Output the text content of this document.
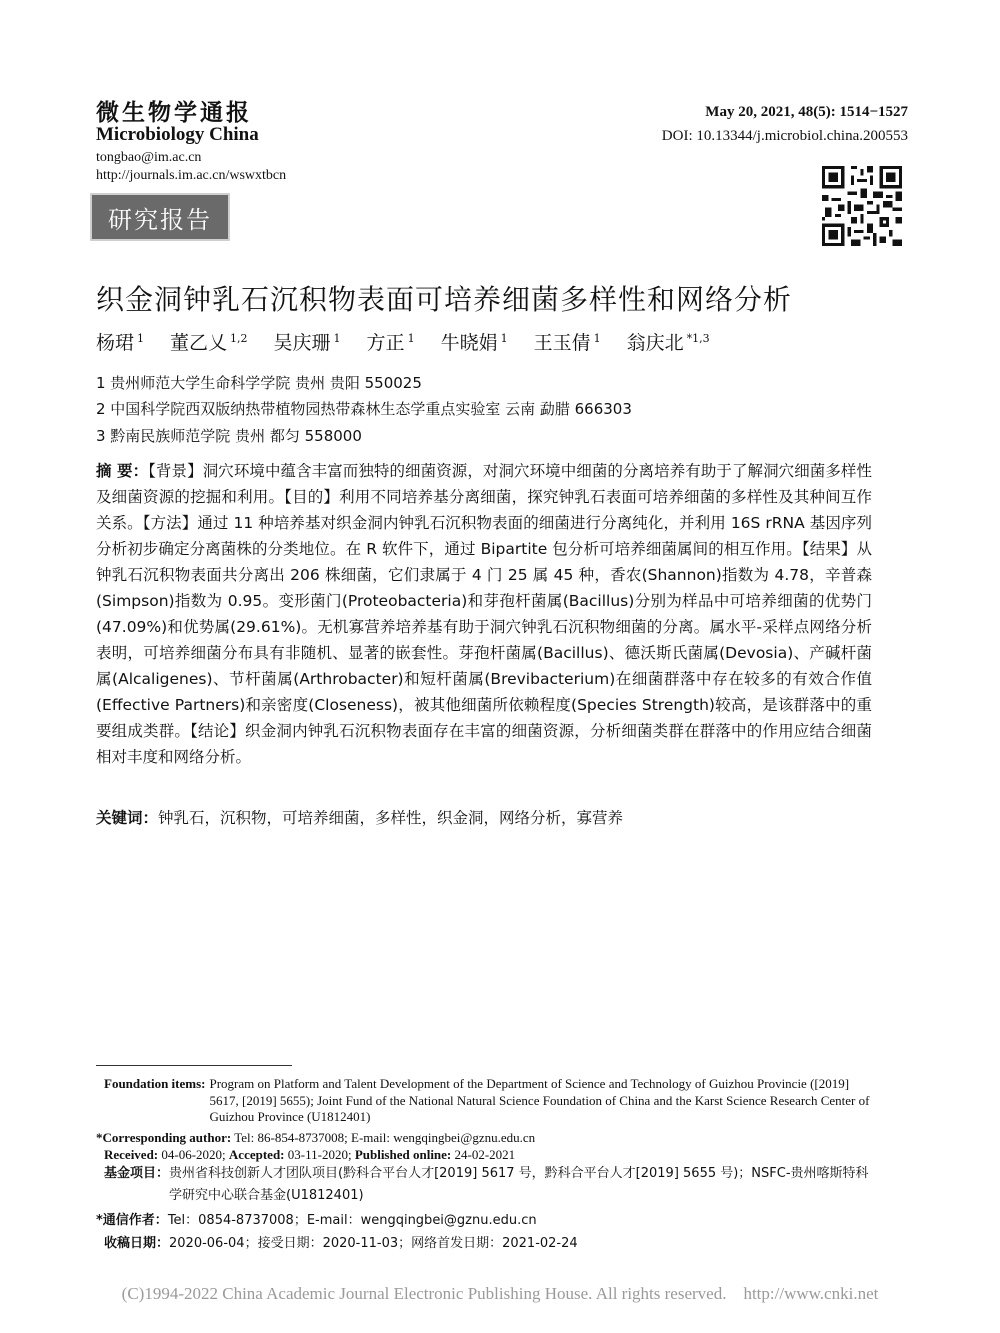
微生物学通报
Microbiology China
tongbao@im.ac.cn
http://journals.im.ac.cn/wswxtbcn
研究报告
May 20, 2021, 48(5): 1514−1527
DOI: 10.13344/j.microbiol.china.200553
织金洞钟乳石沉积物表面可培养细菌多样性和网络分析
杨珺 $^1$ 董乙乂 $^{1,2}$ 吴庆珊 $^1$ 方正 $^1$ 牛晓娟 $^1$ 王玉倩 $^1$ 翁庆北 $^{*1,3}$
1 贵州师范大学生命科学学院 贵州 贵阳 550025
2 中国科学院西双版纳热带植物园热带森林生态学重点实验室 云南 勐腊 666303
3 黔南民族师范学院 贵州 都匀 558000
摘 要：【背景】洞穴环境中蕴含丰富而独特的细菌资源，对洞穴环境中细菌的分离培养有助于了解洞穴细菌多样性及细菌资源的挖掘和利用。【目的】利用不同培养基分离细菌，探究钟乳石表面可培养细菌的多样性及其种间互作关系。【方法】通过 11 种培养基对织金洞内钟乳石沉积物表面的细菌进行分离纯化，并利用 16S rRNA 基因序列分析初步确定分离菌株的分类地位。在 R 软件下，通过 Bipartite 包分析可培养细菌属间的相互作用。【结果】从钟乳石沉积物表面共分离出 206 株细菌，它们隶属于 4 门 25 属 45 种，香农(Shannon)指数为 4.78，辛普森(Simpson)指数为 0.95。变形菌门(Proteobacteria)和芽孢杆菌属(Bacillus)分别为样品中可培养细菌的优势门(47.09%)和优势属(29.61%)。无机寡营养培养基有助于洞穴钟乳石沉积物细菌的分离。属水平-采样点网络分析表明，可培养细菌分布具有非随机、显著的嵌套性。芽孢杆菌属(Bacillus)、德沃斯氏菌属(Devosia)、产碱杆菌属(Alcaligenes)、节杆菌属(Arthrobacter)和短杆菌属(Brevibacterium)在细菌群落中存在较多的有效合作值(Effective Partners)和亲密度(Closeness)，被其他细菌所依赖程度(Species Strength)较高，是该群落中的重要组成类群。【结论】织金洞内钟乳石沉积物表面存在丰富的细菌资源，分析细菌类群在群落中的作用应结合细菌相对丰度和网络分析。
关键词：钟乳石，沉积物，可培养细菌，多样性，织金洞，网络分析，寡营养
Foundation items: Program on Platform and Talent Development of the Department of Science and Technology of Guizhou Provincie ([2019] 5617, [2019] 5655); Joint Fund of the National Natural Science Foundation of China and the Karst Science Research Center of Guizhou Province (U1812401)
*Corresponding author: Tel: 86-854-8737008; E-mail: wengqingbei@gznu.edu.cn
Received: 04-06-2020; Accepted: 03-11-2020; Published online: 24-02-2021
基金项目： 贵州省科技创新人才团队项目(黔科合平台人才[2019] 5617 号，黔科合平台人才[2019] 5655 号)；NSFC-贵州喀斯特科学研究中心联合基金(U1812401)
*通信作者：Tel：0854-8737008；E-mail：wengqingbei@gznu.edu.cn
收稿日期：2020-06-04；接受日期：2020-11-03；网络首发日期：2021-02-24
(C)1994-2022 China Academic Journal Electronic Publishing House. All rights reserved.    http://www.cnki.net
